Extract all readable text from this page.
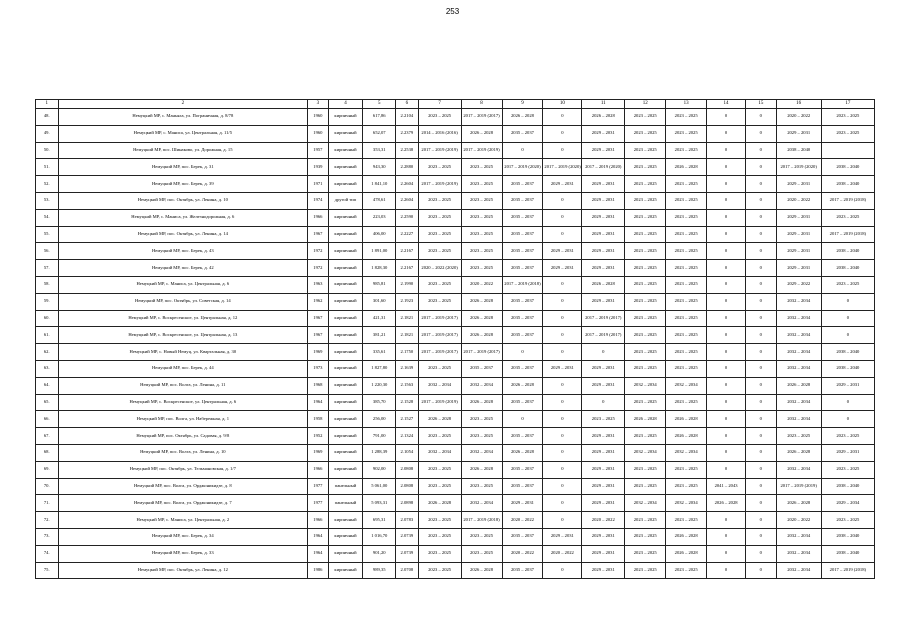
253
1	2	3	4	5	6	7	8	9	10	11	12	13	14	15	16	17
48.	Немуцкий МР, с. Маньяла, ул. Пограничная, д. 8/78	1960	кирпичный	617,86	2.2104	2023 – 2025	2017 – 2019 (2017)	2026 – 2028	0	2026 – 2028	2023 – 2025	2023 – 2025	0	0	2020 – 2022	2023 – 2025
49.	Немуцкий МР, с. Маниса, ул. Центральная, д. 11/5	1960	кирпичный	652,07	2.2379	2014 – 2016 (2016)	2026 – 2028	2035 – 2037	0	2029 – 2031	2023 – 2025	2023 – 2025	0	0	2029 – 2031	2023 – 2025
50.	Немуцкий МР, пос. Шинаково, ул. Дорожная, д. 15	1957	кирпичный	353,31	2.2538	2017 – 2019 (2019)	2017 – 2019 (2019)	0	0	2029 – 2031	2023 – 2025	2023 – 2025	0	0	2038 – 2040	
51.	Немуцкий МР, пос. Берек, д. 31	1939	кирпичный	943,30	2.2880	2023 – 2025	2023 – 2025	2017 – 2019 (2020)	2017 – 2019 (2020)	2017 – 2019 (2020)	2023 – 2025	2026 – 2028	0	0	2017 – 2019 (2020)	2038 – 2040
52.	Немуцкий МР, пос. Берек, д. 39	1971	кирпичный	1 841,10	2.2604	2017 – 2019 (2019)	2023 – 2025	2035 – 2037	2029 – 2031	2029 – 2031	2023 – 2025	2023 – 2025	0	0	2029 – 2031	2038 – 2040
53.	Немуцкий МР, пос. Октябрь, ул. Ленина, д. 10	1974	другой тип	478,61	2.2604	2023 – 2025	2023 – 2025	2035 – 2037	0	2029 – 2031	2023 – 2025	2023 – 2025	0	0	2020 – 2022	2017 – 2019 (2018)
54.	Немуцкий МР, с. Маниса, ул. Железнодорожная, д. 6	1966	кирпичный	223,03	2.2590	2023 – 2025	2023 – 2025	2035 – 2037	0	2029 – 2031	2023 – 2025	2023 – 2025	0	0	2029 – 2031	2023 – 2025
55.	Немуцкий МР, пос. Октябрь, ул. Ленина, д. 14	1967	кирпичный	406,00	2.2227	2023 – 2025	2023 – 2025	2035 – 2037	0	2029 – 2031	2023 – 2025	2023 – 2025	0	0	2029 – 2031	2017 – 2019 (2018)
56.	Немуцкий МР, пос. Берек, д. 43	1972	кирпичный	1 891,00	2.2167	2023 – 2025	2023 – 2025	2035 – 2037	2029 – 2031	2029 – 2031	2023 – 2025	2023 – 2025	0	0	2029 – 2031	2038 – 2040
57.	Немуцкий МР, пос. Берек, д. 42	1972	кирпичный	1 828,30	2.2167	2020 – 2022 (2020)	2023 – 2025	2035 – 2037	2029 – 2031	2029 – 2031	2023 – 2025	2023 – 2025	0	0	2029 – 2031	2038 – 2040
58.	Немуцкий МР, с. Маниса, ул. Центральная, д. 6	1963	кирпичный	985,81	2.1990	2023 – 2025	2020 – 2022	2017 – 2019 (2018)	0	2026 – 2028	2023 – 2025	2023 – 2025	0	0	2029 – 2022	2023 – 2025
59.	Немуцкий МР, пос. Октябрь, ул. Советская, д. 14	1962	кирпичный	301,60	2.1923	2023 – 2025	2026 – 2028	2035 – 2037	0	2029 – 2031	2023 – 2025	2023 – 2025	0	0	2032 – 2034	0
60.	Немуцкий МР, с. Воскресенское, ул. Центральная, д. 12	1967	кирпичный	421,31	2.1821	2017 – 2019 (2017)	2026 – 2028	2035 – 2037	0	2017 – 2019 (2017)	2023 – 2025	2023 – 2025	0	0	2032 – 2034	0
61.	Немуцкий МР, с. Воскресенское, ул. Центральная, д. 13	1967	кирпичный	381,21	2.1821	2017 – 2019 (2017)	2026 – 2028	2035 – 2037	0	2017 – 2019 (2017)	2023 – 2025	2023 – 2025	0	0	2032 – 2034	0
62.	Немуцкий МР, с. Новый Немуц, ул. Квартальная, д. 30	1969	кирпичный	335,61	2.1750	2017 – 2019 (2017)	2017 – 2019 (2017)	0	0	0	2023 – 2025	2023 – 2025	0	0	2032 – 2034	2038 – 2040
63.	Немуцкий МР, пос. Берек, д. 44	1973	кирпичный	1 827,80	2.1639	2023 – 2025	2035 – 2037	2035 – 2037	2029 – 2031	2029 – 2031	2023 – 2025	2023 – 2025	0	0	2032 – 2034	2038 – 2040
64.	Немуцкий МР, пос. Волга, ул. Ленина, д. 11	1968	кирпичный	1 220,30	2.1563	2032 – 2034	2032 – 2034	2026 – 2028	0	2029 – 2031	2032 – 2034	2032 – 2034	0	0	2026 – 2028	2029 – 2031
65.	Немуцкий МР, с. Воскресенское, ул. Центральная, д. 6	1964	кирпичный	385,70	2.1528	2017 – 2019 (2019)	2026 – 2028	2035 – 2037	0	0	2023 – 2025	2023 – 2025	0	0	2032 – 2034	0
66.	Немуцкий МР, пос. Волга, ул. Набережная, д. 1	1958	кирпичный	256,00	2.1527	2026 – 2028	2023 – 2025	0	0	2023 – 2025	2026 – 2028	2026 – 2028	0	0	2032 – 2034	0
67.	Немуцкий МР, пос. Октябрь, ул. Садовая, д. 9/8	1952	кирпичный	791,00	2.1324	2023 – 2025	2023 – 2025	2035 – 2037	0	2029 – 2031	2023 – 2025	2026 – 2028	0	0	2023 – 2025	2023 – 2025
68.	Немуцкий МР, пос. Волга, ул. Ленина, д. 10	1969	кирпичный	1 288,39	2.1054	2032 – 2034	2032 – 2034	2026 – 2028	0	2029 – 2031	2032 – 2034	2032 – 2034	0	0	2026 – 2028	2029 – 2031
69.	Немуцкий МР, пос. Октябрь, ул. Тельмановская, д. 1/7	1966	кирпичный	902,00	2.0808	2023 – 2025	2026 – 2028	2035 – 2037	0	2029 – 2031	2023 – 2025	2023 – 2025	0	0	2032 – 2034	2023 – 2025
70.	Немуцкий МР, пос. Волга, ул. Орджоникидзе, д. 8	1977	панельный	5 061,00	2.0808	2023 – 2025	2023 – 2025	2035 – 2037	0	2029 – 2031	2023 – 2025	2023 – 2025	2041 – 2043	0	2017 – 2019 (2019)	2038 – 2040
71.	Немуцкий МР, пос. Волга, ул. Орджоникидзе, д. 7	1977	панельный	5 093,31	2.0898	2026 – 2028	2032 – 2034	2029 – 2031	0	2029 – 2031	2032 – 2034	2032 – 2034	2026 – 2028	0	2026 – 2028	2029 – 2034
72.	Немуцкий МР, с. Маниса, ул. Центральная, д. 2	1966	кирпичный	695,31	2.0783	2023 – 2025	2017 – 2019 (2018)	2020 – 2022	0	2020 – 2022	2023 – 2025	2023 – 2025	0	0	2020 – 2022	2023 – 2025
73.	Немуцкий МР, пос. Берек, д. 34	1964	кирпичный	1 016,70	2.0739	2023 – 2025	2023 – 2025	2035 – 2037	2029 – 2031	2029 – 2031	2023 – 2025	2026 – 2028	0	0	2032 – 2034	2038 – 2040
74.	Немуцкий МР, пос. Берек, д. 33	1964	кирпичный	901,20	2.0739	2023 – 2025	2023 – 2025	2020 – 2022	2020 – 2022	2029 – 2031	2023 – 2025	2026 – 2028	0	0	2032 – 2034	2038 – 2040
75.	Немуцкий МР, пос. Октябрь, ул. Ленина, д. 12	1986	кирпичный	989,35	2.0708	2023 – 2025	2026 – 2028	2035 – 2037	0	2029 – 2031	2023 – 2025	2023 – 2025	0	0	2032 – 2034	2017 – 2019 (2018)
